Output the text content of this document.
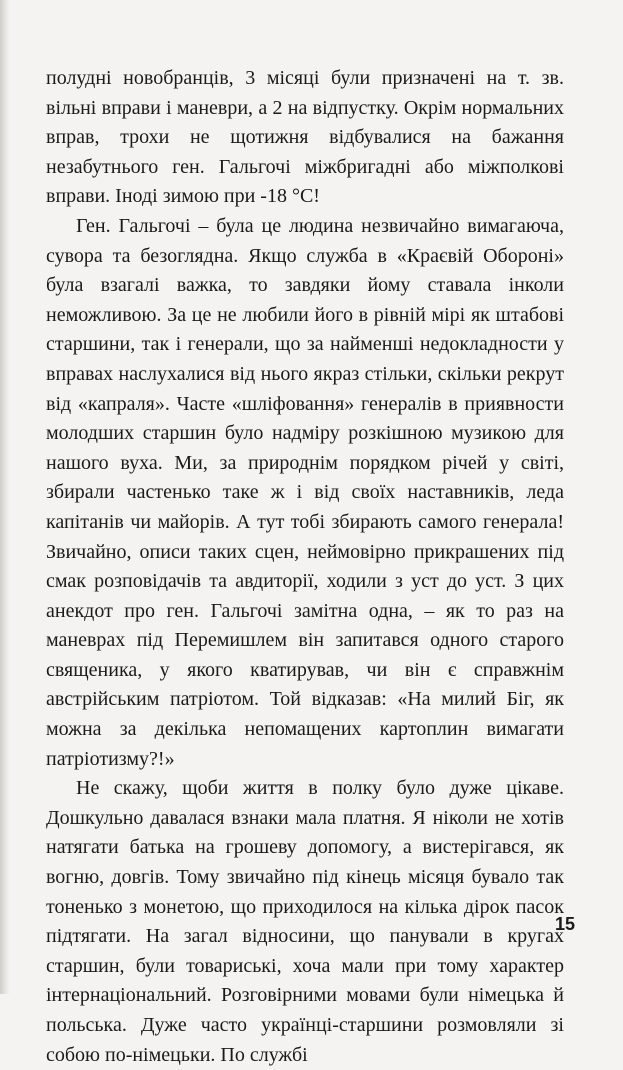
полудні новобранців, 3 місяці були призначені на т. зв. вільні вправи і маневри, а 2 на відпустку. Окрім нормальних вправ, трохи не щотижня відбувалися на бажання незабутнього ген. Гальгочі міжбригадні або міжполкові вправи. Іноді зимою при -18 °С!

Ген. Гальгочі – була це людина незвичайно вимагаюча, сувора та безоглядна. Якщо служба в «Краєвій Обороні» була взагалі важка, то завдяки йому ставала інколи неможливою. За це не любили його в рівній мірі як штабові старшини, так і генерали, що за найменші недокладности у вправах наслухалися від нього якраз стільки, скільки рекрут від «капраля». Часте «шліфовання» генералів в приявности молодших старшин було надміру розкішною музикою для нашого вуха. Ми, за природнім порядком річей у світі, збирали частенько таке ж і від своїх наставників, леда капітанів чи майорів. А тут тобі збирають самого генерала! Звичайно, описи таких сцен, неймовірно прикрашених під смак розповідачів та авдиторії, ходили з уст до уст. З цих анекдот про ген. Гальгочі замітна одна, – як то раз на маневрах під Перемишлем він запитався одного старого священика, у якого кватирував, чи він є справжнім австрійським патріотом. Той відказав: «На милий Біг, як можна за декілька непомащених картоплин вимагати патріотизму?!»

Не скажу, щоби життя в полку було дуже цікаве. Дошкульно давалася взнаки мала платня. Я ніколи не хотів натягати батька на грошеву допомогу, а вистерігався, як вогню, довгів. Тому звичайно під кінець місяця бувало так тоненько з монетою, що приходилося на кілька дірок пасок підтягати. На загал відносини, що панували в кругах старшин, були товариські, хоча мали при тому характер інтернаціональний. Розговірними мовами були німецька й польська. Дуже часто українці-старшини розмовляли зі собою по-німецьки. По службі

15
